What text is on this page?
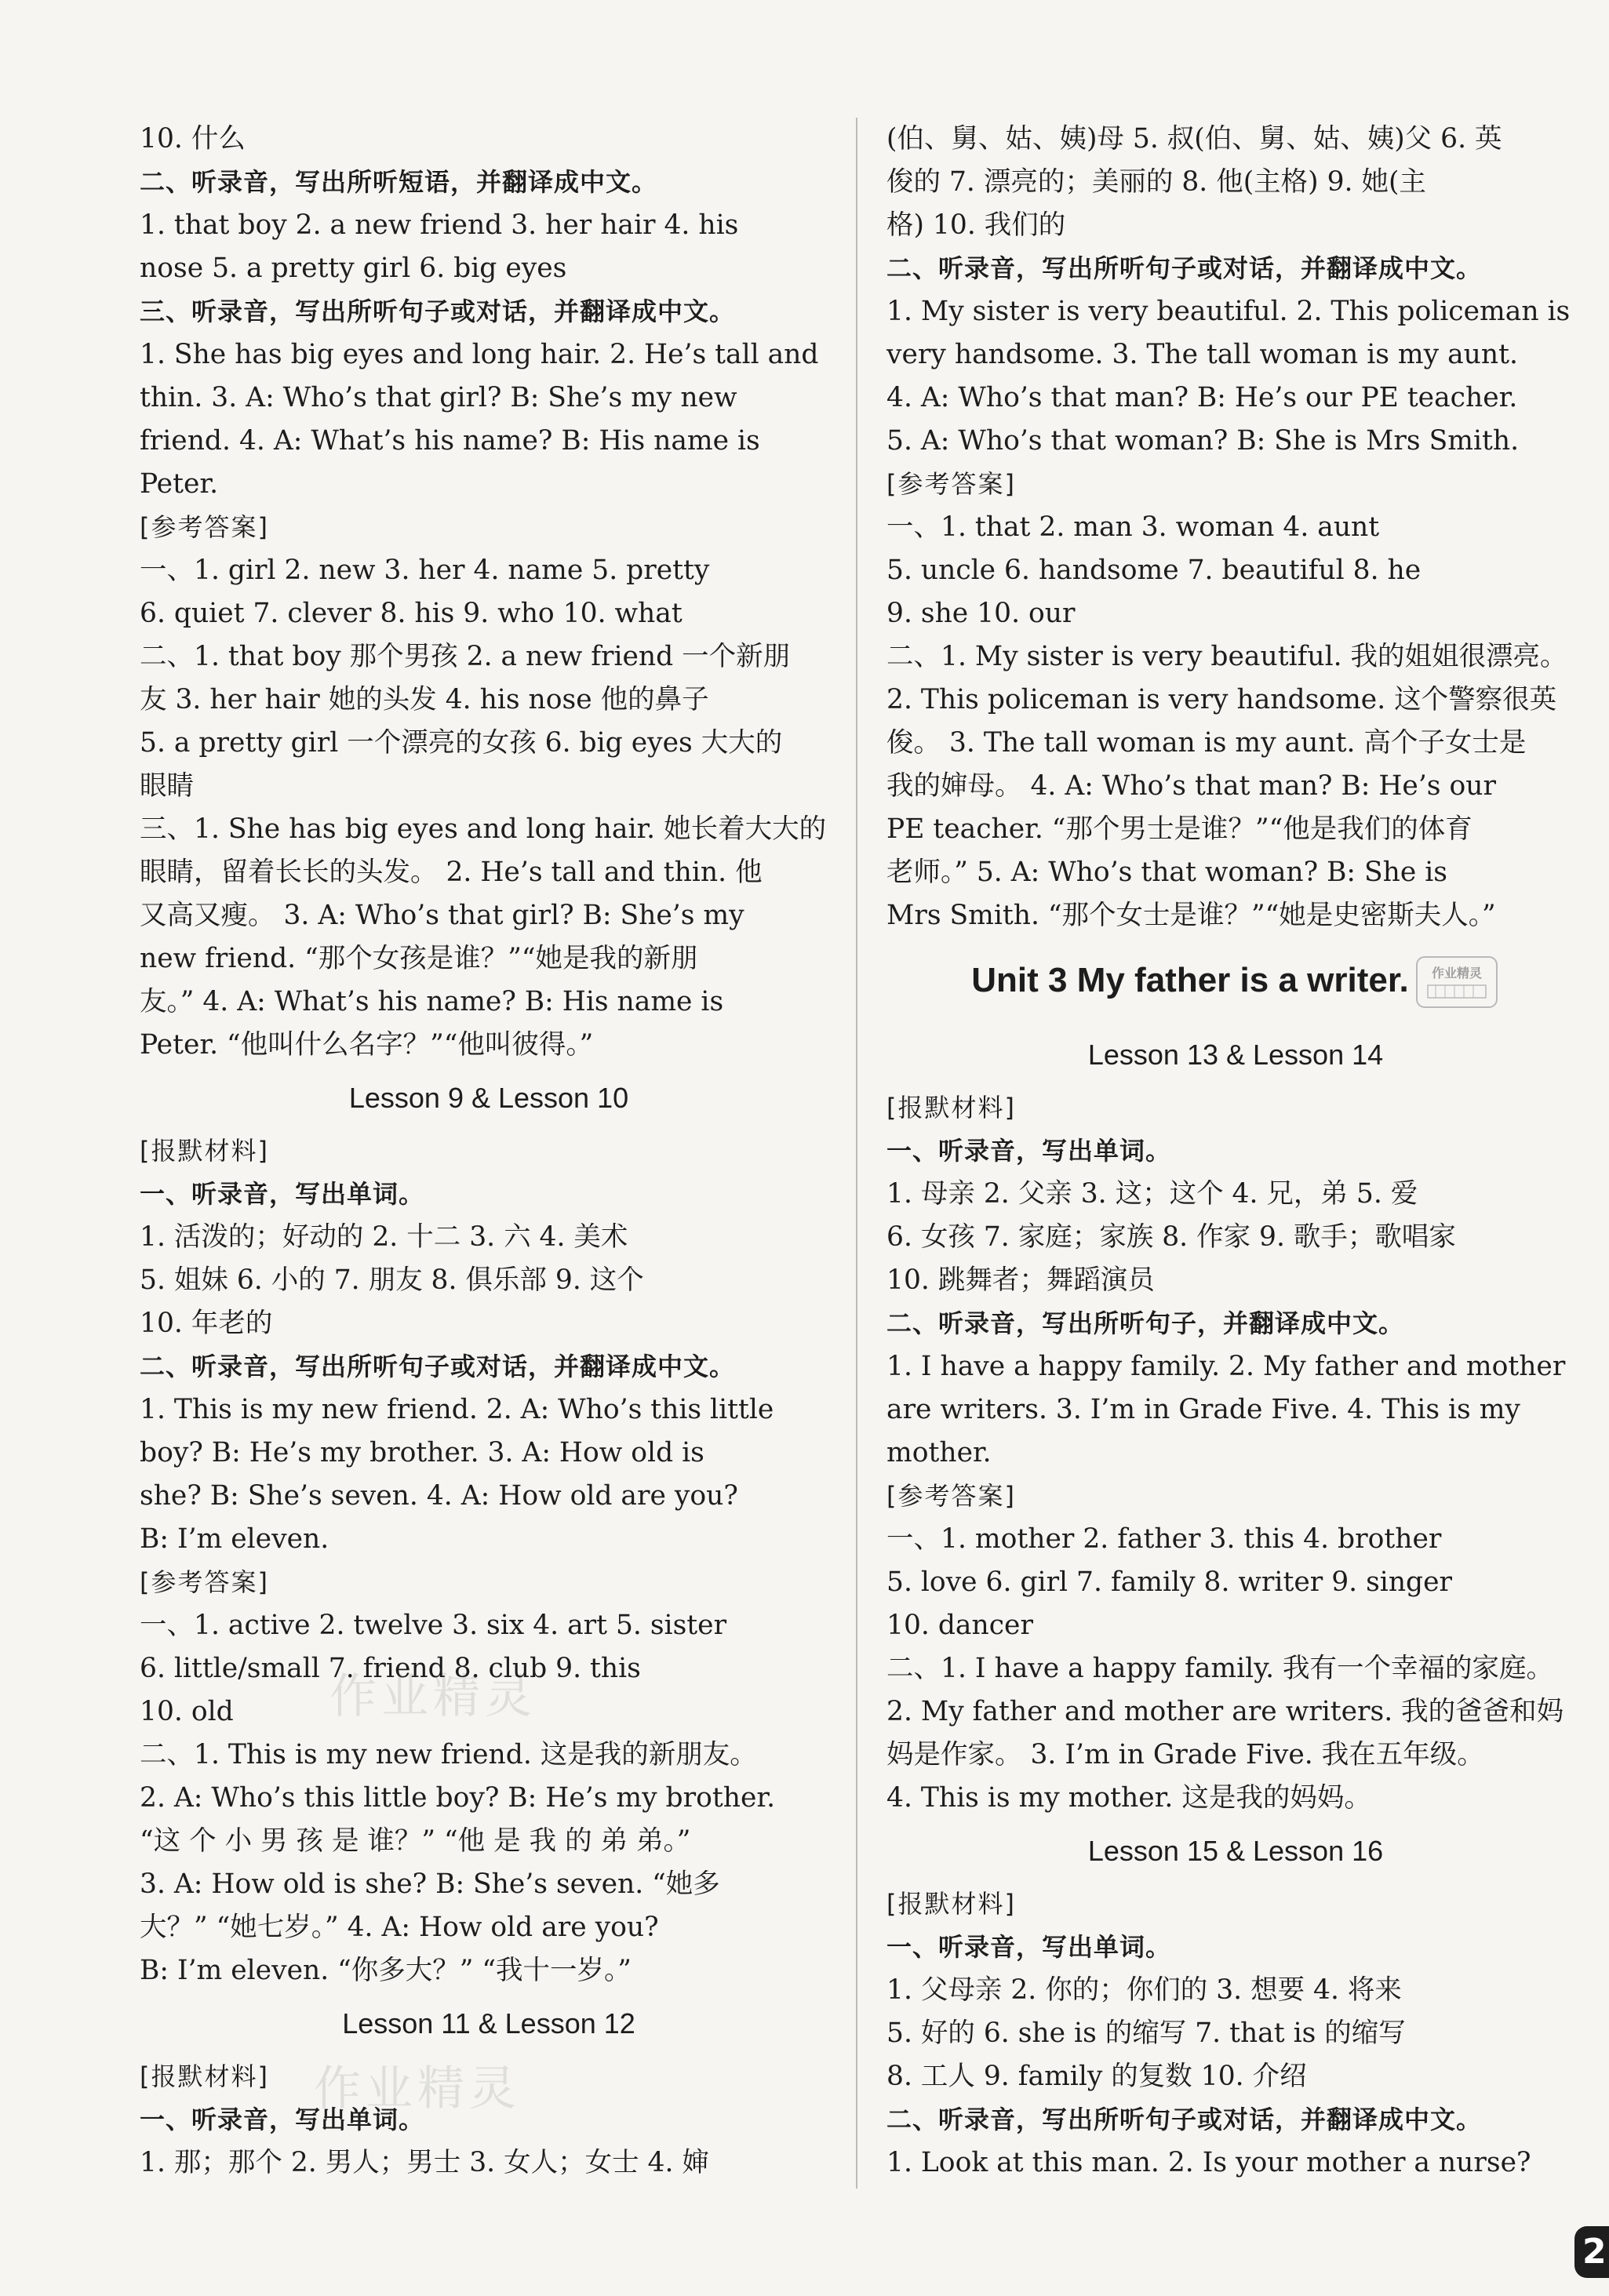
作业精灵
作业精灵
10. 什么
二、听录音，写出所听短语，并翻译成中文。
1. that boy 2. a new friend 3. her hair 4. his
nose 5. a pretty girl 6. big eyes
三、听录音，写出所听句子或对话，并翻译成中文。
1. She has big eyes and long hair. 2. He’s tall and
thin. 3. A: Who’s that girl? B: She’s my new
friend. 4. A: What’s his name? B: His name is
Peter.
[参考答案]
一、1. girl 2. new 3. her 4. name 5. pretty
6. quiet 7. clever 8. his 9. who 10. what
二、1. that boy 那个男孩 2. a new friend 一个新朋
友 3. her hair 她的头发 4. his nose 他的鼻子
5. a pretty girl 一个漂亮的女孩 6. big eyes 大大的
眼睛
三、1. She has big eyes and long hair. 她长着大大的
眼睛，留着长长的头发。 2. He’s tall and thin. 他
又高又瘦。 3. A: Who’s that girl? B: She’s my
new friend. “那个女孩是谁？”“她是我的新朋
友。” 4. A: What’s his name? B: His name is
Peter. “他叫什么名字？”“他叫彼得。”
Lesson 9 & Lesson 10
[报默材料]
一、听录音，写出单词。
1. 活泼的；好动的 2. 十二 3. 六 4. 美术
5. 姐妹 6. 小的 7. 朋友 8. 俱乐部 9. 这个
10. 年老的
二、听录音，写出所听句子或对话，并翻译成中文。
1. This is my new friend. 2. A: Who’s this little
boy? B: He’s my brother. 3. A: How old is
she? B: She’s seven. 4. A: How old are you?
B: I’m eleven.
[参考答案]
一、1. active 2. twelve 3. six 4. art 5. sister
6. little/small 7. friend 8. club 9. this
10. old
二、1. This is my new friend. 这是我的新朋友。
2. A: Who’s this little boy? B: He’s my brother.
“这 个 小 男 孩 是 谁？” “他 是 我 的 弟 弟。”
3. A: How old is she? B: She’s seven. “她多
大？” “她七岁。” 4. A: How old are you?
B: I’m eleven. “你多大？” “我十一岁。”
Lesson 11 & Lesson 12
[报默材料]
一、听录音，写出单词。
1. 那；那个 2. 男人；男士 3. 女人；女士 4. 婶
(伯、舅、姑、姨)母 5. 叔(伯、舅、姑、姨)父 6. 英
俊的 7. 漂亮的；美丽的 8. 他(主格) 9. 她(主
格) 10. 我们的
二、听录音，写出所听句子或对话，并翻译成中文。
1. My sister is very beautiful. 2. This policeman is
very handsome. 3. The tall woman is my aunt.
4. A: Who’s that man? B: He’s our PE teacher.
5. A: Who’s that woman? B: She is Mrs Smith.
[参考答案]
一、1. that 2. man 3. woman 4. aunt
5. uncle 6. handsome 7. beautiful 8. he
9. she 10. our
二、1. My sister is very beautiful. 我的姐姐很漂亮。
2. This policeman is very handsome. 这个警察很英
俊。 3. The tall woman is my aunt. 高个子女士是
我的婶母。 4. A: Who’s that man? B: He’s our
PE teacher. “那个男士是谁？”“他是我们的体育
老师。” 5. A: Who’s that woman? B: She is
Mrs Smith. “那个女士是谁？”“她是史密斯夫人。”
Unit 3 My father is a writer. 作业精灵
Lesson 13 & Lesson 14
[报默材料]
一、听录音，写出单词。
1. 母亲 2. 父亲 3. 这；这个 4. 兄，弟 5. 爱
6. 女孩 7. 家庭；家族 8. 作家 9. 歌手；歌唱家
10. 跳舞者；舞蹈演员
二、听录音，写出所听句子，并翻译成中文。
1. I have a happy family. 2. My father and mother
are writers. 3. I’m in Grade Five. 4. This is my
mother.
[参考答案]
一、1. mother 2. father 3. this 4. brother
5. love 6. girl 7. family 8. writer 9. singer
10. dancer
二、1. I have a happy family. 我有一个幸福的家庭。
2. My father and mother are writers. 我的爸爸和妈
妈是作家。 3. I’m in Grade Five. 我在五年级。
4. This is my mother. 这是我的妈妈。
Lesson 15 & Lesson 16
[报默材料]
一、听录音，写出单词。
1. 父母亲 2. 你的；你们的 3. 想要 4. 将来
5. 好的 6. she is 的缩写 7. that is 的缩写
8. 工人 9. family 的复数 10. 介绍
二、听录音，写出所听句子或对话，并翻译成中文。
1. Look at this man. 2. Is your mother a nurse?
2
